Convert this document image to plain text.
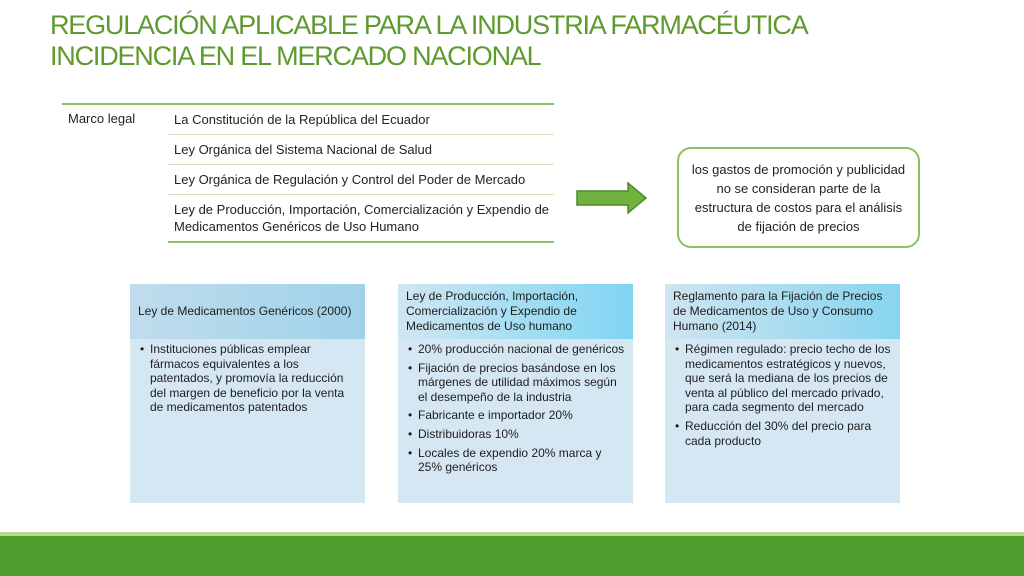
REGULACIÓN APLICABLE PARA LA INDUSTRIA FARMACÉUTICA
INCIDENCIA EN EL MERCADO NACIONAL
Marco legal	La Constitución de la República del Ecuador
Ley Orgánica del Sistema Nacional de Salud
Ley Orgánica de Regulación y Control del Poder de Mercado
Ley de Producción, Importación, Comercialización y Expendio de Medicamentos Genéricos de Uso Humano
los gastos de promoción y publicidad no se consideran parte de la estructura de costos para el análisis de fijación de precios
Ley de Medicamentos Genéricos (2000)
• Instituciones públicas emplear fármacos equivalentes a los patentados, y promovía la reducción del margen de beneficio por la venta de medicamentos patentados
Ley de Producción, Importación, Comercialización y Expendio de Medicamentos de Uso humano
• 20% producción nacional de genéricos
• Fijación de precios basándose en los márgenes de utilidad máximos según el desempeño de la industria
• Fabricante e importador 20%
• Distribuidoras 10%
• Locales de expendio 20% marca y 25% genéricos
Reglamento para la Fijación de Precios de Medicamentos de Uso y Consumo Humano (2014)
• Régimen regulado: precio techo de los medicamentos estratégicos y nuevos, que será la mediana de los precios de venta al público del mercado privado, para cada segmento del mercado
• Reducción del 30% del precio para cada producto
